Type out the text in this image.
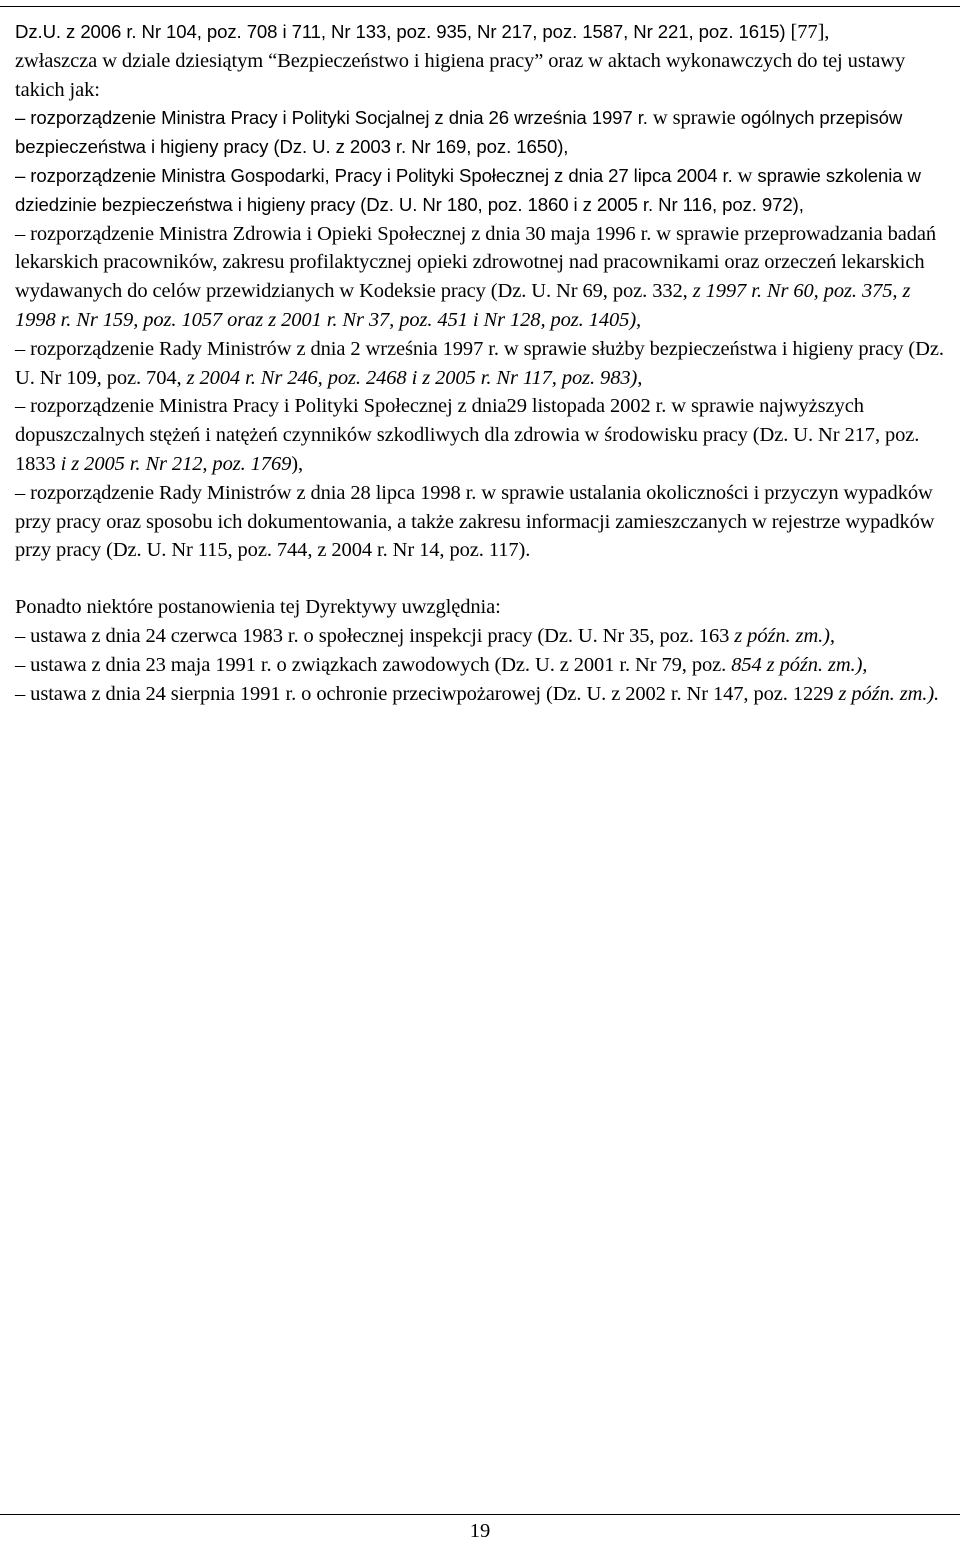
Dz.U. z 2006 r. Nr 104, poz. 708 i 711, Nr 133, poz. 935, Nr 217, poz. 1587, Nr 221, poz. 1615) [77],

zwłaszcza w dziale dziesiątym “Bezpieczeństwo i higiena pracy” oraz w aktach wykonawczych do tej ustawy takich jak:

– rozporządzenie Ministra Pracy i Polityki Socjalnej z dnia 26 września 1997 r. w sprawie ogólnych przepisów bezpieczeństwa i higieny pracy (Dz. U. z 2003 r. Nr 169, poz. 1650),

– rozporządzenie Ministra Gospodarki, Pracy i Polityki Społecznej z dnia 27 lipca 2004 r. w sprawie szkolenia w dziedzinie bezpieczeństwa i higieny pracy (Dz. U. Nr 180, poz. 1860 i z 2005 r. Nr 116, poz. 972),

– rozporządzenie Ministra Zdrowia i Opieki Społecznej z dnia 30 maja 1996 r. w sprawie przeprowadzania badań lekarskich pracowników, zakresu profilaktycznej opieki zdrowotnej nad pracownikami oraz orzeczeń lekarskich wydawanych do celów przewidzianych w Kodeksie pracy (Dz. U. Nr 69, poz. 332, z 1997 r. Nr 60, poz. 375, z 1998 r. Nr 159, poz. 1057 oraz z 2001 r. Nr 37, poz. 451 i Nr 128, poz. 1405),

– rozporządzenie Rady Ministrów z dnia 2 września 1997 r. w sprawie służby bezpieczeństwa i higieny pracy (Dz. U. Nr 109, poz. 704, z 2004 r. Nr 246, poz. 2468 i z 2005 r. Nr 117, poz. 983),

– rozporządzenie Ministra Pracy i Polityki Społecznej z dnia29 listopada 2002 r. w sprawie najwyższych dopuszczalnych stężeń i natężeń czynników szkodliwych dla zdrowia w środowisku pracy (Dz. U. Nr 217, poz. 1833 i z 2005 r. Nr 212, poz. 1769),

– rozporządzenie Rady Ministrów z dnia 28 lipca 1998 r. w sprawie ustalania okoliczności i przyczyn wypadków przy pracy oraz sposobu ich dokumentowania, a także zakresu informacji zamieszczanych w rejestrze wypadków przy pracy (Dz. U. Nr 115, poz. 744, z 2004 r. Nr 14, poz. 117).

Ponadto niektóre postanowienia tej Dyrektywy uwzględnia:

– ustawa z dnia 24 czerwca 1983 r. o społecznej inspekcji pracy (Dz. U. Nr 35, poz. 163 z późn. zm.),

– ustawa z dnia 23 maja 1991 r. o związkach zawodowych (Dz. U. z 2001 r. Nr 79, poz. 854 z późn. zm.),

– ustawa z dnia 24 sierpnia 1991 r. o ochronie przeciwpożarowej (Dz. U. z 2002 r. Nr 147, poz. 1229 z późn. zm.).

19
